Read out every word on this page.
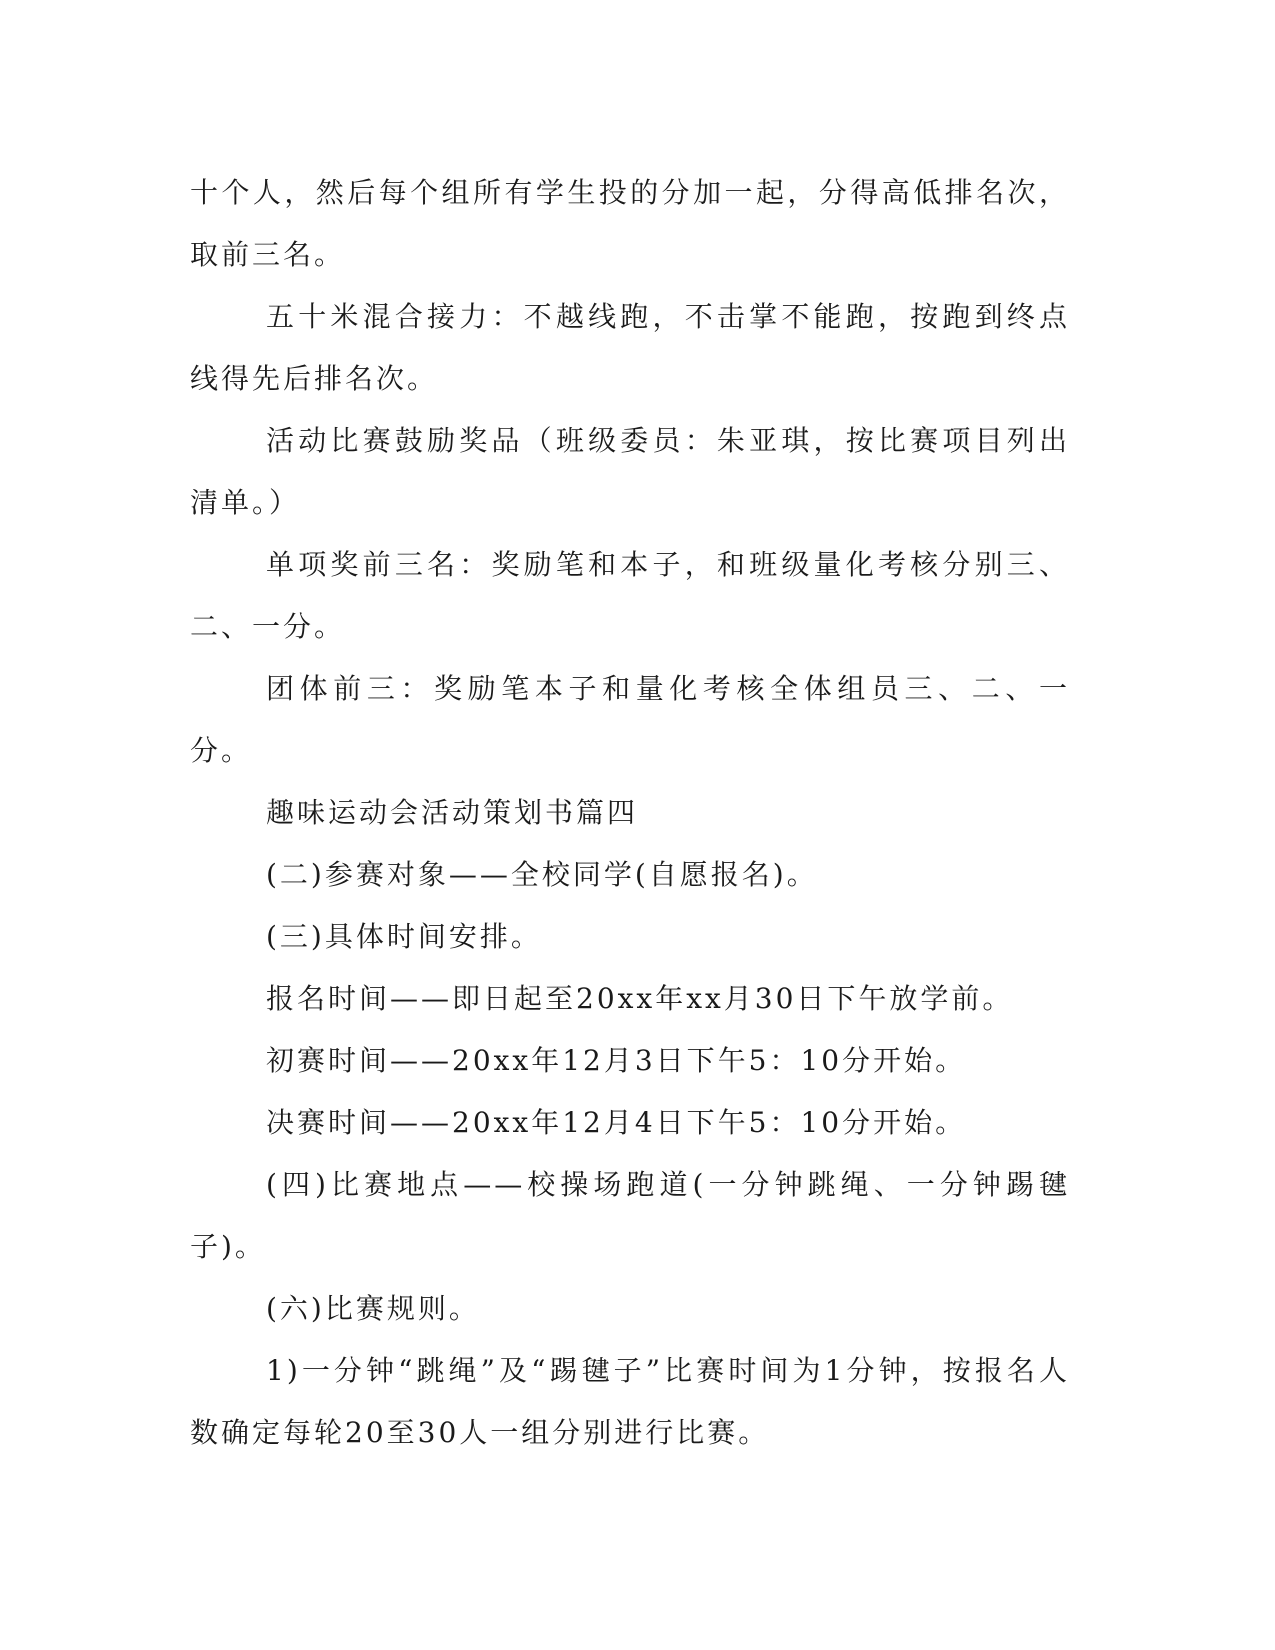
十个人，然后每个组所有学生投的分加一起，分得高低排名次，取前三名。

五十米混合接力：不越线跑，不击掌不能跑，按跑到终点线得先后排名次。

活动比赛鼓励奖品（班级委员：朱亚琪，按比赛项目列出清单。）

单项奖前三名：奖励笔和本子，和班级量化考核分别三、二、一分。

团体前三：奖励笔本子和量化考核全体组员三、二、一分。

趣味运动会活动策划书篇四

(二)参赛对象——全校同学(自愿报名)。

(三)具体时间安排。

报名时间——即日起至20xx年xx月30日下午放学前。

初赛时间——20xx年12月3日下午5：10分开始。

决赛时间——20xx年12月4日下午5：10分开始。

(四)比赛地点——校操场跑道(一分钟跳绳、一分钟踢毽子)。

(六)比赛规则。

1)一分钟“跳绳”及“踢毽子”比赛时间为1分钟，按报名人数确定每轮20至30人一组分别进行比赛。
